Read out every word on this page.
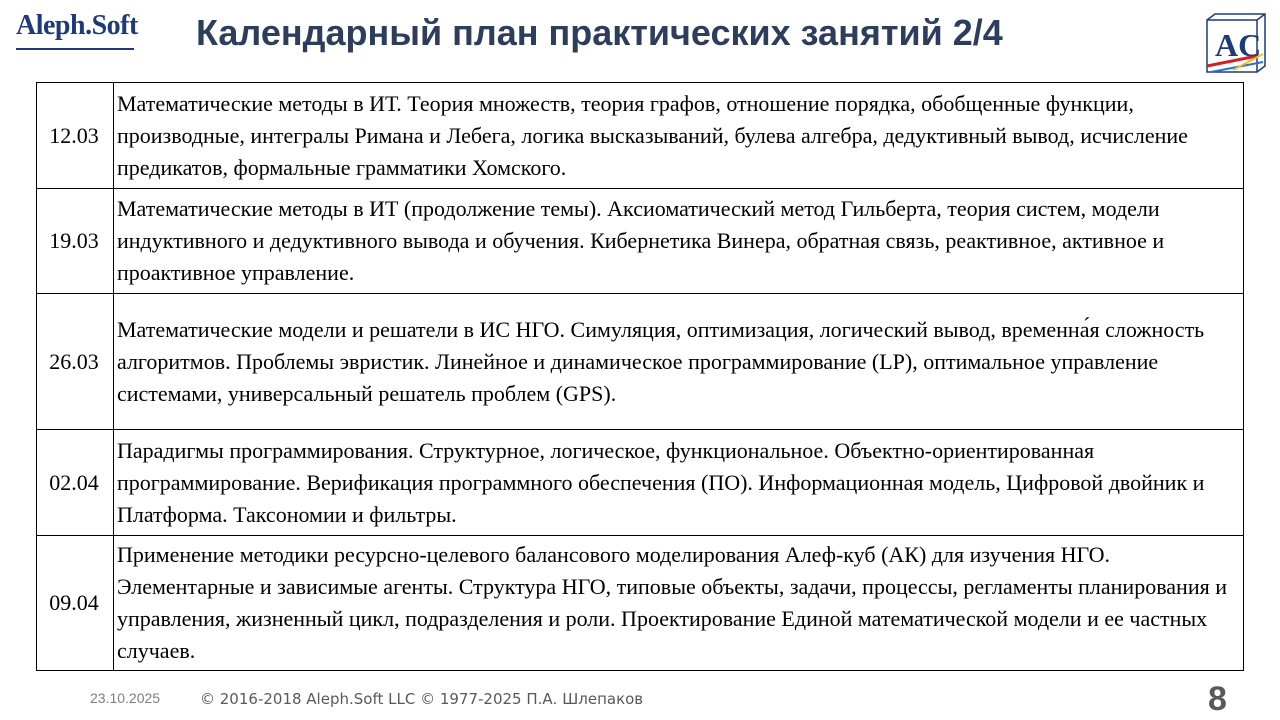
Aleph.Soft Календарный план практических занятий 2/4	AC
12.03	Математические методы в ИТ. Теория множеств, теория графов, отношение порядка, обобщенные функции, производные, интегралы Римана и Лебега, логика высказываний, булева алгебра, дедуктивный вывод, исчисление предикатов, формальные грамматики Хомского.
19.03	Математические методы в ИТ (продолжение темы). Аксиоматический метод Гильберта, теория систем, модели индуктивного и дедуктивного вывода и обучения. Кибернетика Винера, обратная связь, реактивное, активное и проактивное управление.
26.03	Математические модели и решатели в ИС НГО. Симуляция, оптимизация, логический вывод, временна́я сложность алгоритмов. Проблемы эвристик. Линейное и динамическое программирование (LP), оптимальное управление системами, универсальный решатель проблем (GPS).
02.04	Парадигмы программирования. Структурное, логическое, функциональное. Объектно-ориентированная программирование. Верификация программного обеспечения (ПО). Информационная модель, Цифровой двойник и Платформа. Таксономии и фильтры.
09.04	Применение методики ресурсно-целевого балансового моделирования Алеф-куб (АК) для изучения НГО. Элементарные и зависимые агенты. Структура НГО, типовые объекты, задачи, процессы, регламенты планирования и управления, жизненный цикл, подразделения и роли. Проектирование Единой математической модели и ее частных случаев.
23.10.2025	© 2016-2018 Aleph.Soft LLC © 1977-2025 П.А. Шлепаков	8
